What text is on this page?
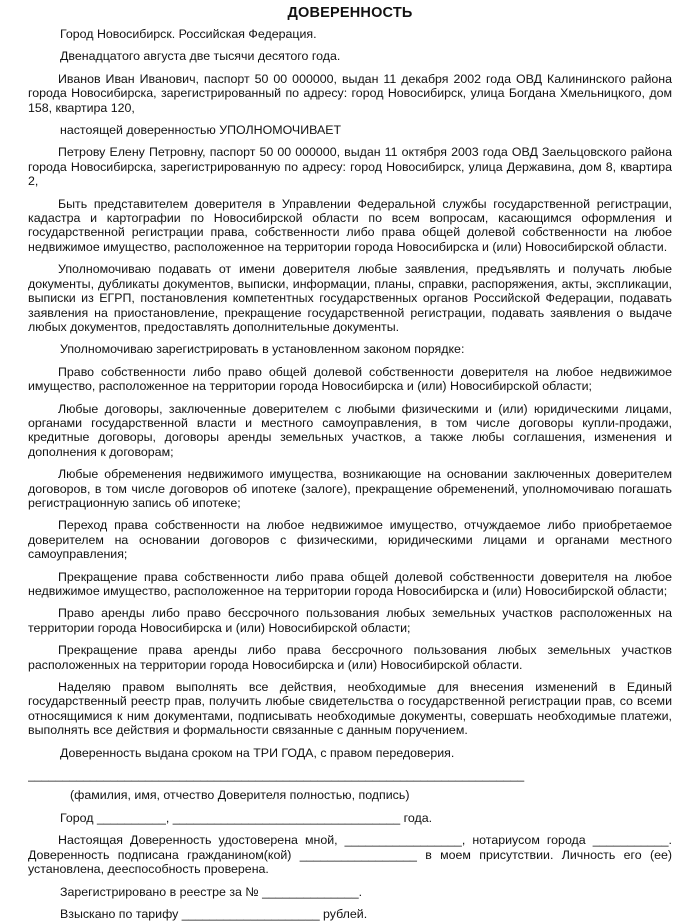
ДОВЕРЕННОСТЬ

Город Новосибирск. Российская Федерация.

Двенадцатого августа две тысячи десятого года.

Иванов Иван Иванович, паспорт 50 00 000000, выдан 11 декабря 2002 года ОВД Калининского района города Новосибирска, зарегистрированный по адресу: город Новосибирск, улица Богдана Хмельницкого, дом 158, квартира 120,

настоящей доверенностью УПОЛНОМОЧИВАЕТ

Петрову Елену Петровну, паспорт 50 00 000000, выдан 11 октября 2003 года ОВД Заельцовского района города Новосибирска, зарегистрированную по адресу: город Новосибирск, улица Державина, дом 8, квартира 2,

Быть представителем доверителя в Управлении Федеральной службы государственной регистрации, кадастра и картографии по Новосибирской области по всем вопросам, касающимся оформления и государственной регистрации права, собственности либо права общей долевой собственности на любое недвижимое имущество, расположенное на территории города Новосибирска и (или) Новосибирской области.

Уполномочиваю подавать от имени доверителя любые заявления, предъявлять и получать любые документы, дубликаты документов, выписки, информации, планы, справки, распоряжения, акты, экспликации, выписки из ЕГРП, постановления компетентных государственных органов Российской Федерации, подавать заявления на приостановление, прекращение государственной регистрации, подавать заявления о выдаче любых документов, предоставлять дополнительные документы.

Уполномочиваю зарегистрировать в установленном законом порядке:

Право собственности либо право общей долевой собственности доверителя на любое недвижимое имущество, расположенное на территории города Новосибирска и (или) Новосибирской области;

Любые договоры, заключенные доверителем с любыми физическими и (или) юридическими лицами, органами государственной власти и местного самоуправления, в том числе договоры купли-продажи, кредитные договоры, договоры аренды земельных участков, а также любы соглашения, изменения и дополнения к договорам;

Любые обременения недвижимого имущества, возникающие на основании заключенных доверителем договоров, в том числе договоров об ипотеке (залоге), прекращение обременений, уполномочиваю погашать регистрационную запись об ипотеке;

Переход права собственности на любое недвижимое имущество, отчуждаемое либо приобретаемое доверителем на основании договоров с физическими, юридическими лицами и органами местного самоуправления;

Прекращение права собственности либо права общей долевой собственности доверителя на любое недвижимое имущество, расположенное на территории города Новосибирска и (или) Новосибирской области;

Право аренды либо право бессрочного пользования любых земельных участков расположенных на территории города Новосибирска и (или) Новосибирской области;

Прекращение права аренды либо права бессрочного пользования любых земельных участков расположенных на территории города Новосибирска и (или) Новосибирской области.

Наделяю правом выполнять все действия, необходимые для внесения изменений в Единый государственный реестр прав, получить любые свидетельства о государственной регистрации прав, со всеми относящимися к ним документами, подписывать необходимые документы, совершать необходимые платежи, выполнять все действия и формальности связанные с данным поручением.

Доверенность выдана сроком на ТРИ ГОДА, с правом передоверия.

________________________________________________________________________

(фамилия, имя, отчество Доверителя полностью, подпись)

Город __________, _________________________________ года.

Настоящая Доверенность удостоверена мной, _________________, нотариусом города ___________. Доверенность подписана гражданином(кой) _________________ в моем присутствии. Личность его (ее) установлена, дееспособность проверена.

Зарегистрировано в реестре за № ______________.

Взыскано по тарифу ____________________ рублей.
